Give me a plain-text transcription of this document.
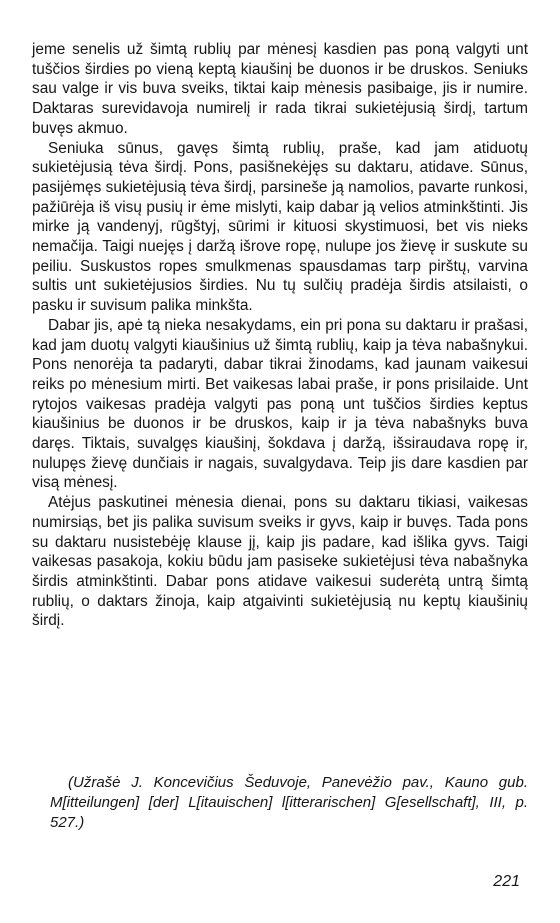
jeme senelis už šimtą rublių par mėnesį kasdien pas poną valgyti unt tuščios širdies po vieną keptą kiaušinį be duonos ir be druskos. Seniuks sau valge ir vis buva sveiks, tiktai kaip mėnesis pasibaige, jis ir numire. Daktaras surevidavoja numirelį ir rada tikrai sukietėjusią širdį, tartum buvęs akmuo.

Seniuka sūnus, gavęs šimtą rublių, praše, kad jam atiduotų sukietėjusią tėva širdį. Pons, pasišnekėjęs su daktaru, atidave. Sūnus, pasijėmęs sukietėjusią tėva širdį, parsineše ją namolios, pavarte runkosi, pažiūrėja iš visų pusių ir ėme mislyti, kaip dabar ją velios atminkštinti. Jis mirke ją vandenyj, rūgštyj, sūrimi ir kituosi skystimuosi, bet vis nieks nemačija. Taigi nuejęs į daržą išrove ropę, nulupe jos žievę ir suskute su peiliu. Suskustos ropes smulkmenas spausdamas tarp pirštų, varvina sultis unt sukietėjusios širdies. Nu tų sulčių pradėja širdis atsilaisti, o pasku ir suvisum palika minkšta.

Dabar jis, apė tą nieka nesakydams, ein pri pona su daktaru ir prašasi, kad jam duotų valgyti kiaušinius už šimtą rublių, kaip ja tėva nabašnykui. Pons nenorėja ta padaryti, dabar tikrai žinodams, kad jaunam vaikesui reiks po mėnesium mirti. Bet vaikesas labai praše, ir pons prisilaide. Unt rytojos vaikesas pradėja valgyti pas poną unt tuščios širdies keptus kiaušinius be duonos ir be druskos, kaip ir ja tėva nabašnyks buva daręs. Tiktais, suvalgęs kiaušinį, šokdava į daržą, išsiraudava ropę ir, nulupęs žievę dunčiais ir nagais, suvalgydava. Teip jis dare kasdien par visą mėnesį.

Atėjus paskutinei mėnesia dienai, pons su daktaru tikiasi, vaikesas numirsiąs, bet jis palika suvisum sveiks ir gyvs, kaip ir buvęs. Tada pons su daktaru nusistebėję klause jį, kaip jis padare, kad išlika gyvs. Taigi vaikesas pasakoja, kokiu būdu jam pasiseke sukietėjusi tėva nabašnyka širdis atminkštinti. Dabar pons atidave vaikesui suderėtą untrą šimtą rublių, o daktars žinoja, kaip atgaivinti sukietėjusią nu keptų kiaušinių širdį.

(Užrašė J. Koncevičius Šeduvoje, Panevėžio pav., Kauno gub. M[itteilungen] [der] L[itauischen] l[itterarischen] G[esellschaft], III, p. 527.)

221
